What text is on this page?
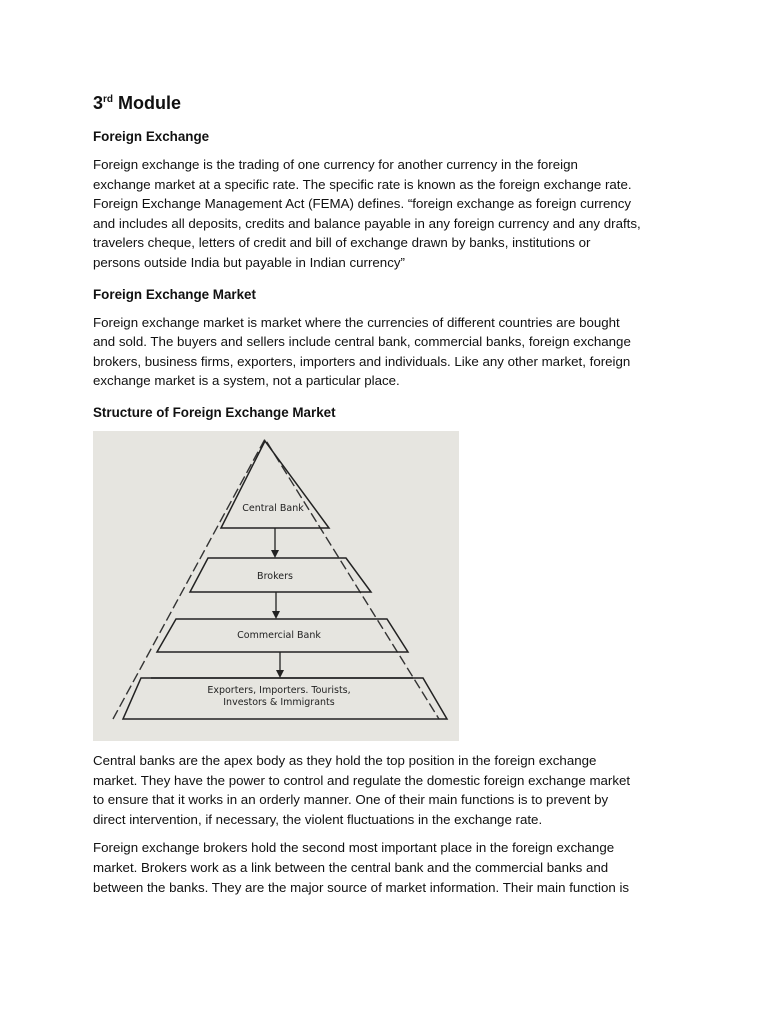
3rd Module
Foreign Exchange

Foreign exchange is the trading of one currency for another currency in the foreign
exchange market at a specific rate. The specific rate is known as the foreign exchange rate.
Foreign Exchange Management Act (FEMA) defines. “foreign exchange as foreign currency
and includes all deposits, credits and balance payable in any foreign currency and any drafts,
travelers cheque, letters of credit and bill of exchange drawn by banks, institutions or
persons outside India but payable in Indian currency”

Foreign Exchange Market

Foreign exchange market is market where the currencies of different countries are bought
and sold. The buyers and sellers include central bank, commercial banks, foreign exchange
brokers, business firms, exporters, importers and individuals. Like any other market, foreign
exchange market is a system, not a particular place.

Structure of Foreign Exchange Market
Central Bank
Brokers
Commercial Bank
Exporters, Importers. Tourists,
Investors & Immigrants

Central banks are the apex body as they hold the top position in the foreign exchange
market. They have the power to control and regulate the domestic foreign exchange market
to ensure that it works in an orderly manner. One of their main functions is to prevent by
direct intervention, if necessary, the violent fluctuations in the exchange rate.

Foreign exchange brokers hold the second most important place in the foreign exchange
market. Brokers work as a link between the central bank and the commercial banks and
between the banks. They are the major source of market information. Their main function is
